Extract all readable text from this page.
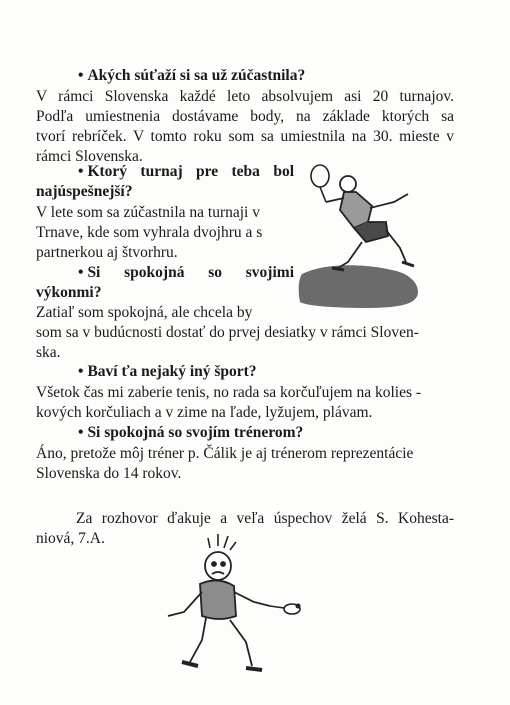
• Akých súťaží si sa už zúčastnila?
V rámci Slovenska každé leto absolvujem asi 20 turnajov.
Podľa umiestnenia dostávame body, na základe ktorých sa
tvorí rebríček. V tomto roku som sa umiestnila na 30. mieste v
rámci Slovenska.
• Ktorý turnaj pre teba bol
najúspešnejší?
V lete som sa zúčastnila na turnaji v
Trnave, kde som vyhrala dvojhru a s
partnerkou aj štvorhru.
• Si spokojná so svojimi
výkonmi?
Zatiaľ som spokojná, ale chcela by
som sa v budúcnosti dostať do prvej desiatky v rámci Sloven-
ska.
• Baví ťa nejaký iný šport?
Všetok čas mi zaberie tenis, no rada sa korčuľujem na kolies -
kových korčuliach a v zime na ľade, lyžujem, plávam.
• Si spokojná so svojím trénerom?
Áno, pretože môj tréner p. Čálik je aj trénerom reprezentácie
Slovenska do 14 rokov.
Za rozhovor ďakuje a veľa úspechov želá S. Kohesta-
niová, 7.A.
